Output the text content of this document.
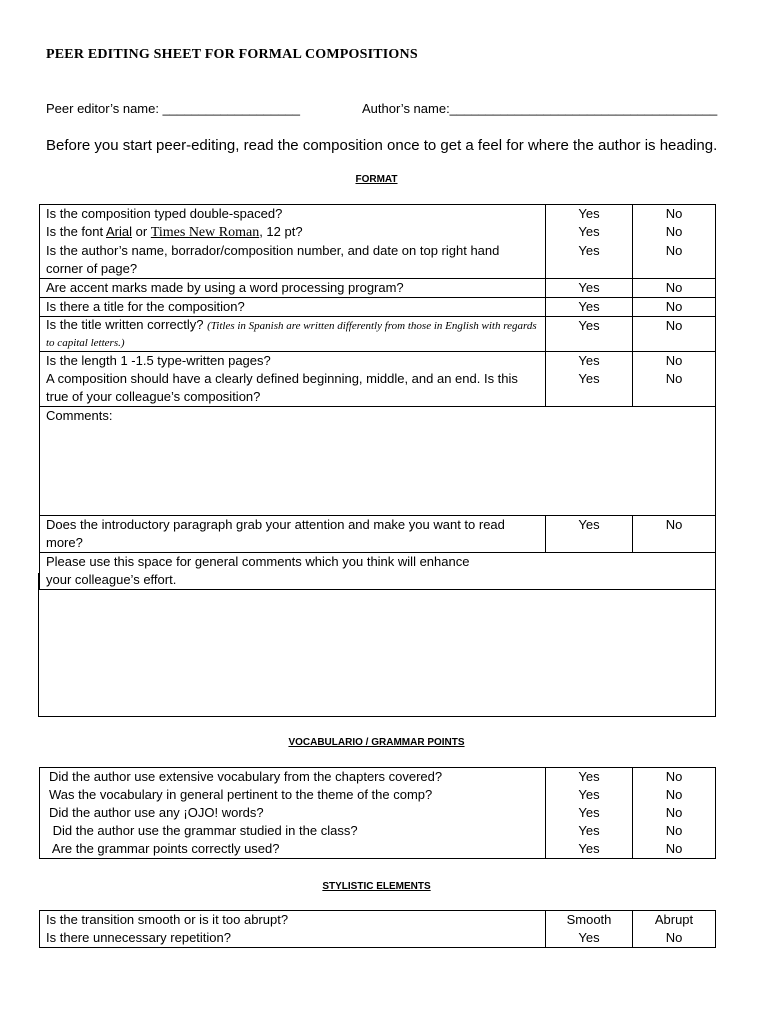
PEER EDITING SHEET FOR FORMAL COMPOSITIONS
Peer editor’s name: ___________________	Author’s name:_____________________________________
Before you start peer-editing, read the composition once to get a feel for where the author is heading.
FORMAT
Is the composition typed double-spaced?	Yes	No
Is the font Arial or Times New Roman, 12 pt?	Yes	No
Is the author’s name, borrador/composition number, and date on top right hand corner of page?	Yes	No
Are accent marks made by using a word processing program?	Yes	No
Is there a title for the composition?	Yes	No
Is the title written correctly? (Titles in Spanish are written differently from those in English with regards to capital letters.)	Yes	No
Is the length 1 -1.5 type-written pages?	Yes	No
A composition should have a clearly defined beginning, middle, and an end. Is this true of your colleague’s composition?	Yes	No
Comments:		
Does the introductory paragraph grab your attention and make you want to read more?	Yes	No
Please use this space for general comments which you think will enhance your colleague’s effort.		
VOCABULARIO / GRAMMAR POINTS
Did the author use extensive vocabulary from the chapters covered?	Yes	No
Was the vocabulary in general pertinent to the theme of the comp?	Yes	No
Did the author use any ¡OJO! words?	Yes	No
Did the author use the grammar studied in the class?	Yes	No
Are the grammar points correctly used?	Yes	No
STYLISTIC ELEMENTS
Is the transition smooth or is it too abrupt?	Smooth	Abrupt
Is there unnecessary repetition?	Yes	No
